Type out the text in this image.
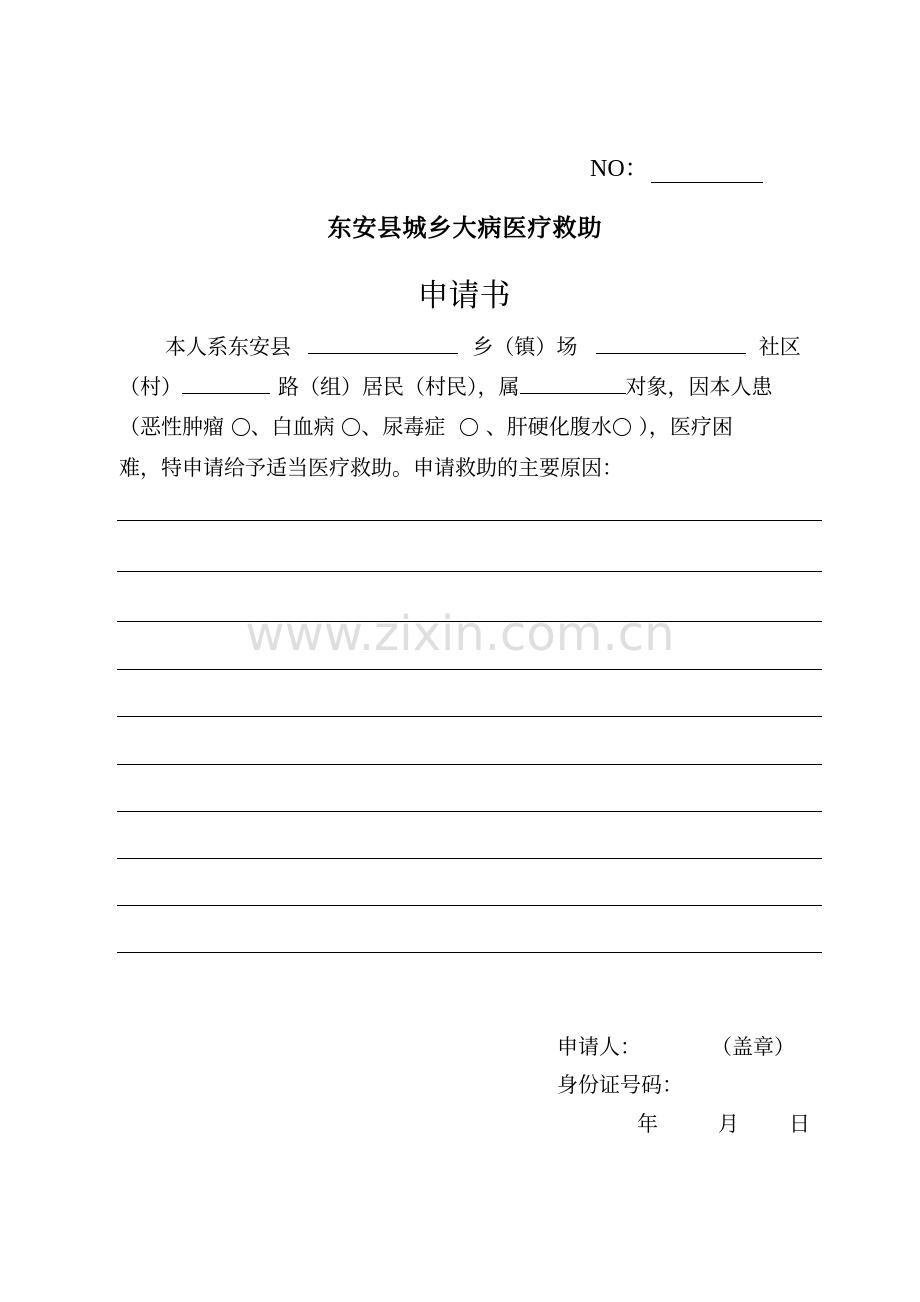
NO：
东安县城乡大病医疗救助
申请书
本人系东安县	乡（镇）场	社区
（村）	路（组）居民（村民），属	对象，因本人患
（恶性肿瘤 、白血病 、尿毒症 、肝硬化腹水 ），医疗困
难，特申请给予适当医疗救助。申请救助的主要原因：
www.zixin.com.cn
申请人：	（盖章）
身份证号码：
年	月 日
